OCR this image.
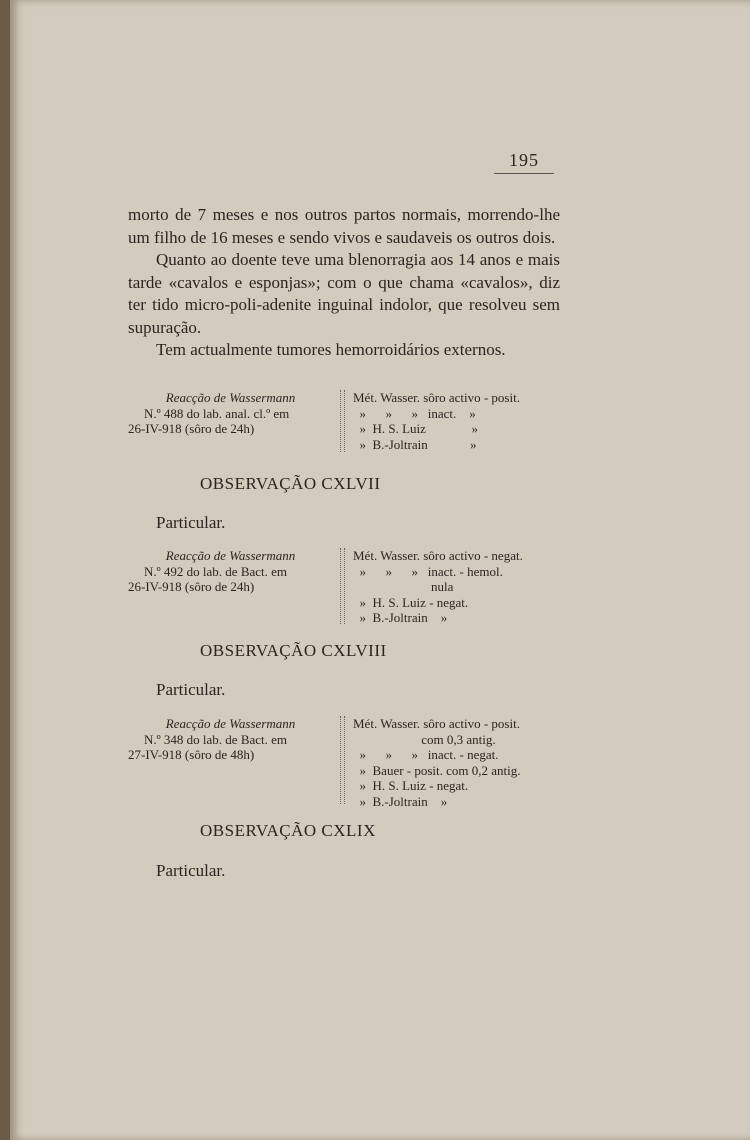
195

morto de 7 meses e nos outros partos normais, morrendo-lhe um filho de 16 meses e sendo vivos e saudaveis os outros dois.

Quanto ao doente teve uma blenorragia aos 14 anos e mais tarde «cavalos e esponjas»; com o que chama «cavalos», diz ter tido micro-poli-adenite inguinal indolor, que resolveu sem supuração.

Tem actualmente tumores hemorroidários externos.

Reacção de Wassermann
N.º 488 do lab. anal. cl.º em
26-IV-918 (sôro de 24h)
Mét. Wasser. sôro activo - posit.
»      »      »   inact.    »
»  H. S. Luiz              »
»  B.-Joltrain             »
OBSERVAÇÃO CXLVII
Particular.
Reacção de Wassermann
N.º 492 do lab. de Bact. em
26-IV-918 (sôro de 24h)
Mét. Wasser. sôro activo - negat.
»      »      »   inact. - hemol.
nula
»  H. S. Luiz - negat.
»  B.-Joltrain    »
OBSERVAÇÃO CXLVIII
Particular.
Reacção de Wassermann
N.º 348 do lab. de Bact. em
27-IV-918 (sôro de 48h)
Mét. Wasser. sôro activo - posit.
com 0,3 antig.
»      »      »   inact. - negat.
»  Bauer - posit. com 0,2 antig.
»  H. S. Luiz - negat.
»  B.-Joltrain    »
OBSERVAÇÃO CXLIX
Particular.
